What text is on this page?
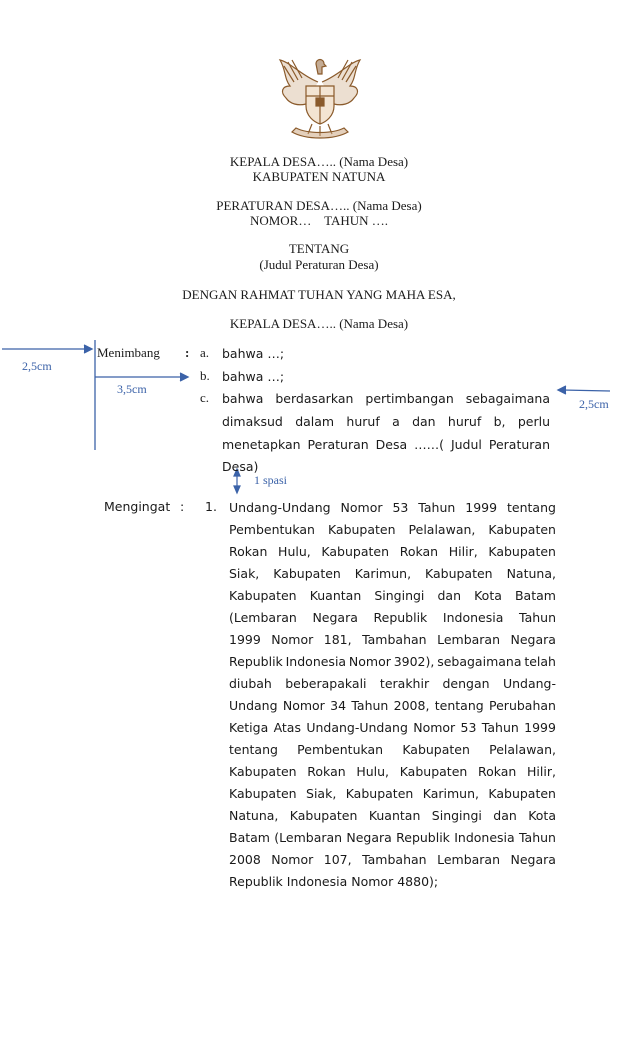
KEPALA DESA….. (Nama Desa)
KABUPATEN NATUNA
PERATURAN DESA….. (Nama Desa)
NOMOR…    TAHUN ….
TENTANG
(Judul Peraturan Desa)
DENGAN RAHMAT TUHAN YANG MAHA ESA,
KEPALA DESA….. (Nama Desa)
2,5cm
3,5cm
2,5cm
1 spasi
Menimbang : a. bahwa …;
b. bahwa …;
c. bahwa berdasarkan pertimbangan sebagaimana
dimaksud dalam huruf a dan huruf b, perlu
menetapkan Peraturan Desa ……( Judul Peraturan
Desa)
Mengingat : 1. Undang-Undang Nomor 53 Tahun 1999 tentang
Pembentukan Kabupaten Pelalawan, Kabupaten
Rokan Hulu, Kabupaten Rokan Hilir, Kabupaten
Siak, Kabupaten Karimun, Kabupaten Natuna,
Kabupaten Kuantan Singingi dan Kota Batam
(Lembaran Negara Republik Indonesia Tahun
1999 Nomor 181, Tambahan Lembaran Negara
Republik Indonesia Nomor 3902), sebagaimana telah
diubah beberapakali terakhir dengan Undang-
Undang Nomor 34 Tahun 2008, tentang Perubahan
Ketiga Atas Undang-Undang Nomor 53 Tahun 1999
tentang Pembentukan Kabupaten Pelalawan,
Kabupaten Rokan Hulu, Kabupaten Rokan Hilir,
Kabupaten Siak, Kabupaten Karimun, Kabupaten
Natuna, Kabupaten Kuantan Singingi dan Kota
Batam (Lembaran Negara Republik Indonesia Tahun
2008 Nomor 107, Tambahan Lembaran Negara
Republik Indonesia Nomor 4880);
